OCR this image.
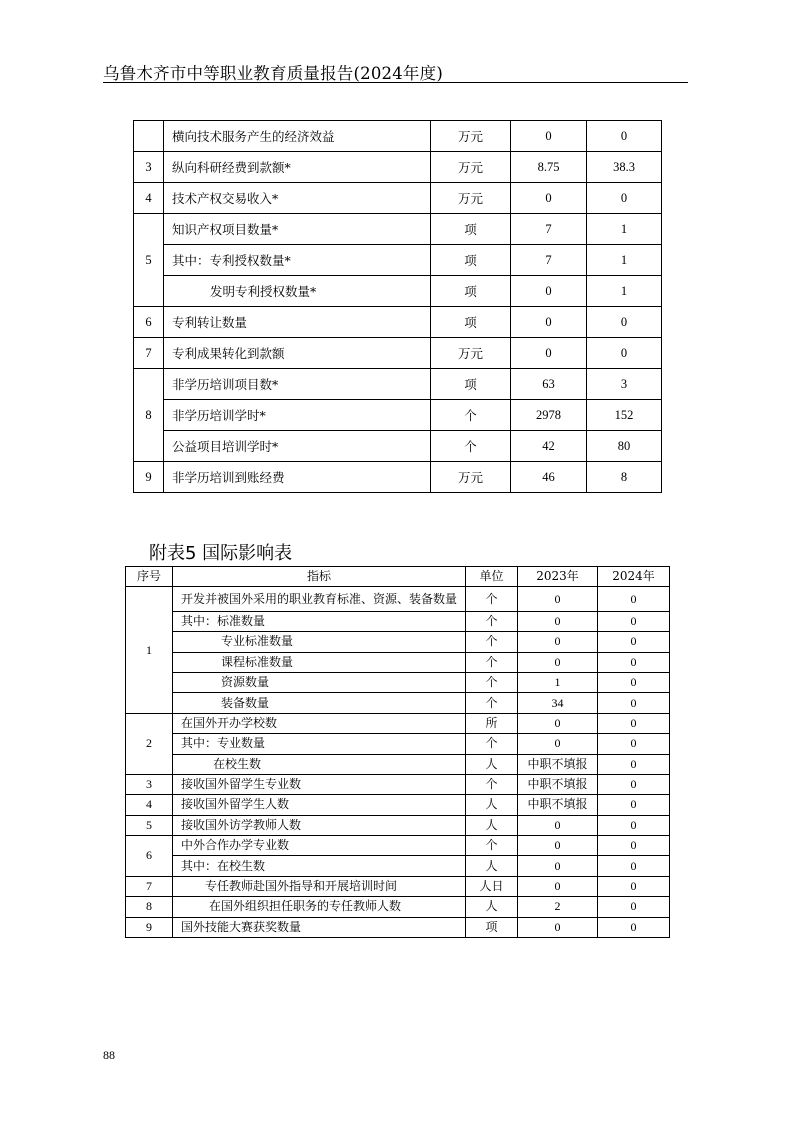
乌鲁木齐市中等职业教育质量报告(2024年度)
	横向技术服务产生的经济效益	万元	0	0
3	纵向科研经费到款额*	万元	8.75	38.3
4	技术产权交易收入*	万元	0	0
5	知识产权项目数量*	项	7	1
	其中：专利授权数量*	项	7	1
	发明专利授权数量*	项	0	1
6	专利转让数量	项	0	0
7	专利成果转化到款额	万元	0	0
8	非学历培训项目数*	项	63	3
	非学历培训学时*	个	2978	152
	公益项目培训学时*	个	42	80
9	非学历培训到账经费	万元	46	8
附表5 国际影响表
序号	指标	单位	2023年	2024年
1	开发并被国外采用的职业教育标准、资源、装备数量	个	0	0
	其中：标准数量	个	0	0
	专业标准数量	个	0	0
	课程标准数量	个	0	0
	资源数量	个	1	0
	装备数量	个	34	0
2	在国外开办学校数	所	0	0
	其中：专业数量	个	0	0
	在校生数	人	中职不填报	0
3	接收国外留学生专业数	个	中职不填报	0
4	接收国外留学生人数	人	中职不填报	0
5	接收国外访学教师人数	人	0	0
6	中外合作办学专业数	个	0	0
	其中：在校生数	人	0	0
7	专任教师赴国外指导和开展培训时间	人日	0	0
8	在国外组织担任职务的专任教师人数	人	2	0
9	国外技能大赛获奖数量	项	0	0
88
